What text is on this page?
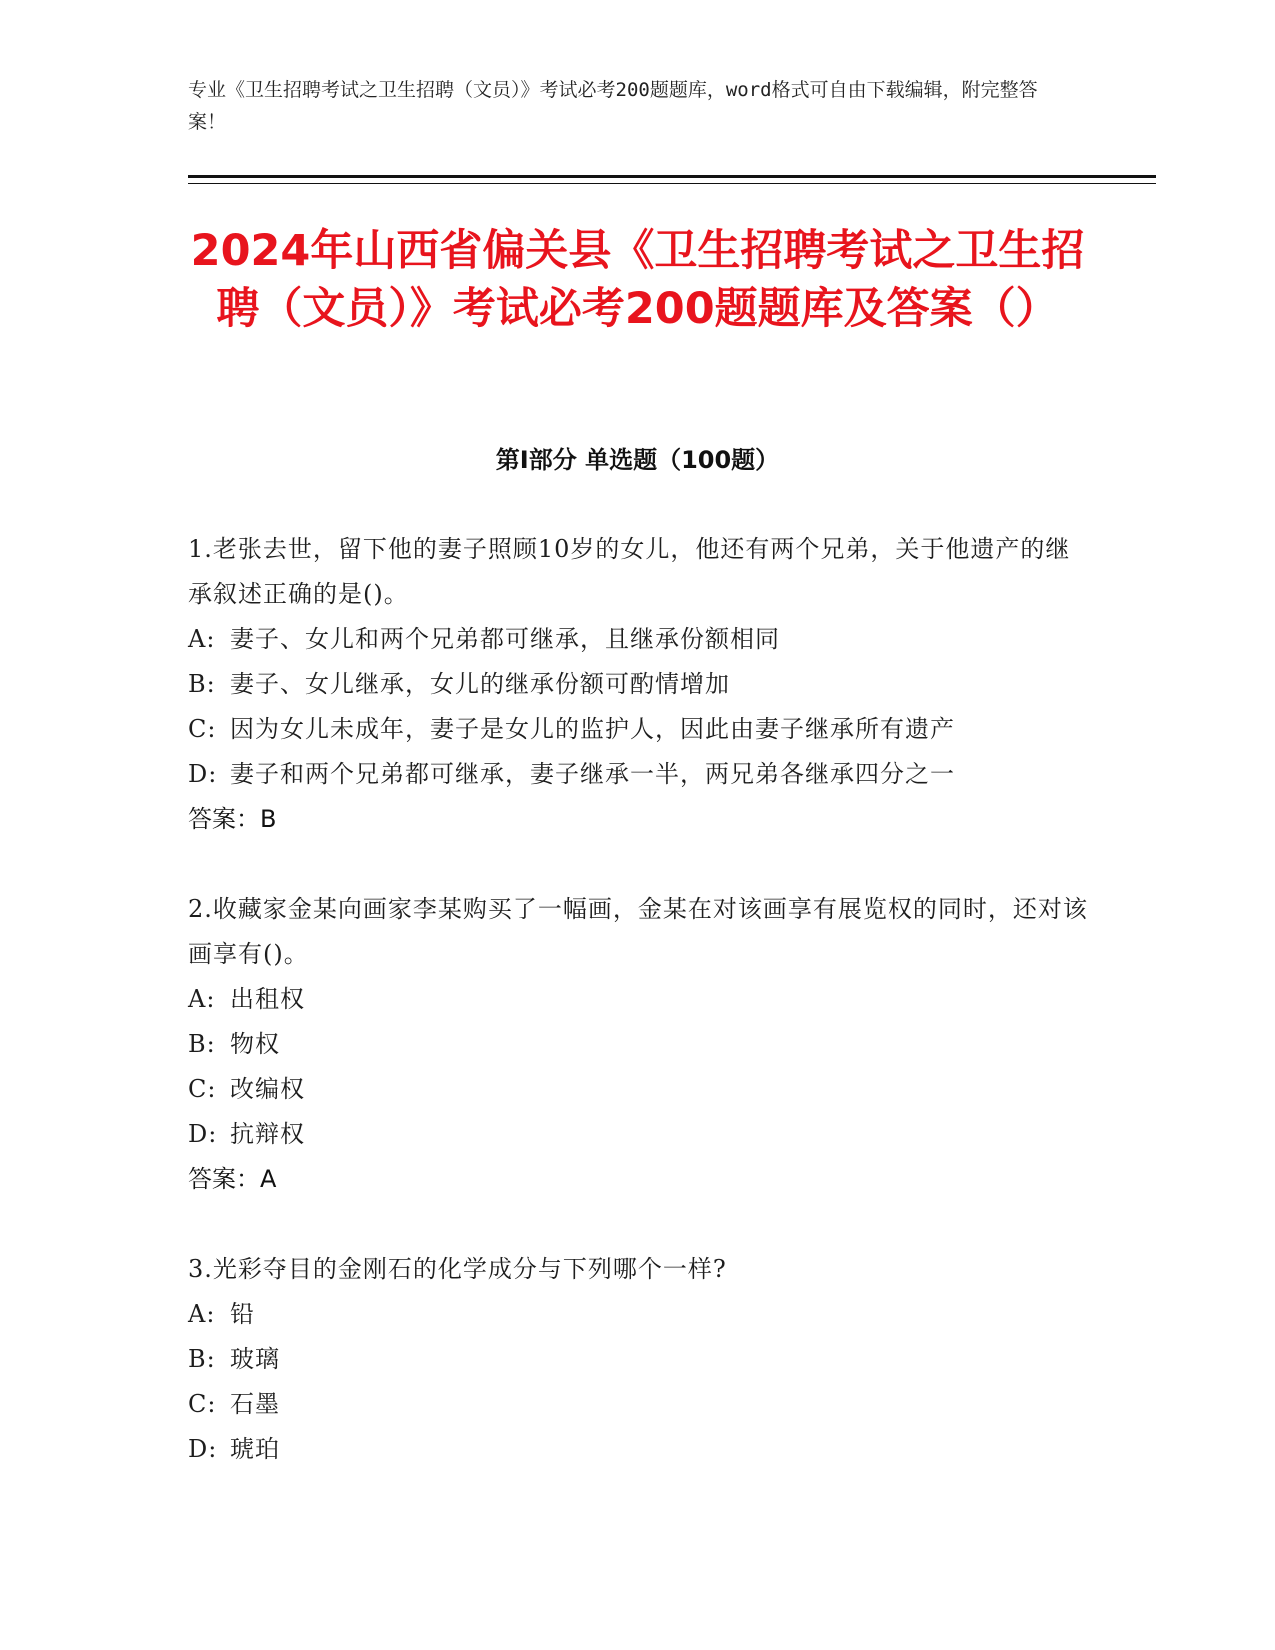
专业《卫生招聘考试之卫生招聘（文员）》考试必考200题题库，word格式可自由下载编辑，附完整答案！
2024年山西省偏关县《卫生招聘考试之卫生招聘（文员）》考试必考200题题库及答案（）
第Ⅰ部分 单选题（100题）
1.老张去世，留下他的妻子照顾10岁的女儿，他还有两个兄弟，关于他遗产的继承叙述正确的是()。
A: 妻子、女儿和两个兄弟都可继承，且继承份额相同
B: 妻子、女儿继承，女儿的继承份额可酌情增加
C: 因为女儿未成年，妻子是女儿的监护人，因此由妻子继承所有遗产
D: 妻子和两个兄弟都可继承，妻子继承一半，两兄弟各继承四分之一
答案：B
2.收藏家金某向画家李某购买了一幅画，金某在对该画享有展览权的同时，还对该画享有()。
A: 出租权
B: 物权
C: 改编权
D: 抗辩权
答案：A
3.光彩夺目的金刚石的化学成分与下列哪个一样?
A: 铅
B: 玻璃
C: 石墨
D: 琥珀
